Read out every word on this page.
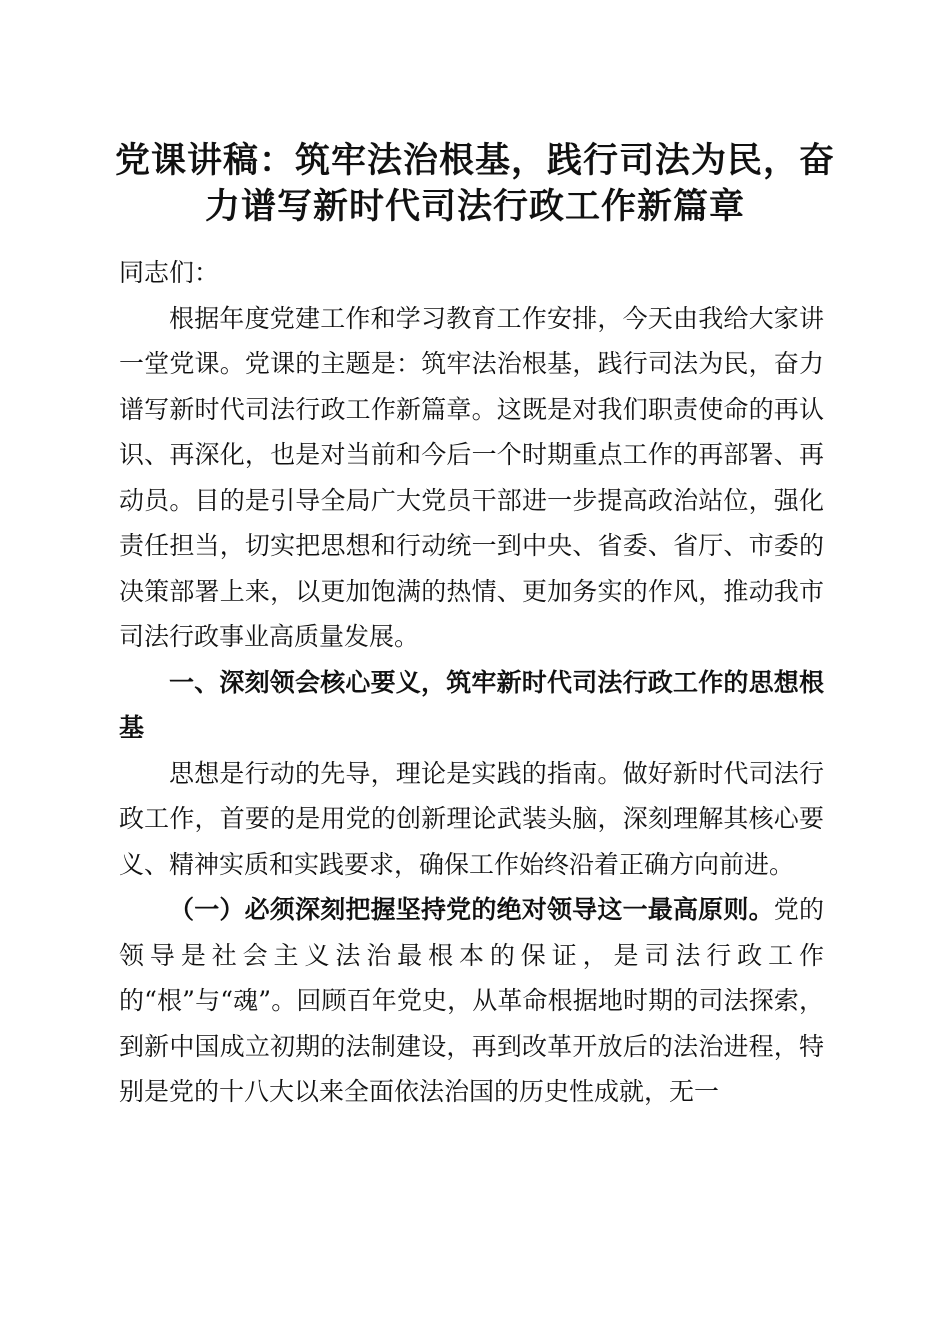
党课讲稿：筑牢法治根基，践行司法为民，奋
力谱写新时代司法行政工作新篇章

同志们：

根据年度党建工作和学习教育工作安排，今天由我给大家讲一堂党课。党课的主题是：筑牢法治根基，践行司法为民，奋力谱写新时代司法行政工作新篇章。这既是对我们职责使命的再认识、再深化，也是对当前和今后一个时期重点工作的再部署、再动员。目的是引导全局广大党员干部进一步提高政治站位，强化责任担当，切实把思想和行动统一到中央、省委、省厅、市委的决策部署上来，以更加饱满的热情、更加务实的作风，推动我市司法行政事业高质量发展。

一、深刻领会核心要义，筑牢新时代司法行政工作的思想根基

思想是行动的先导，理论是实践的指南。做好新时代司法行政工作，首要的是用党的创新理论武装头脑，深刻理解其核心要义、精神实质和实践要求，确保工作始终沿着正确方向前进。

（一）必须深刻把握坚持党的绝对领导这一最高原则。党的领导是社会主义法治最根本的保证，是司法行政工作的“根”与“魂”。回顾百年党史，从革命根据地时期的司法探索，到新中国成立初期的法制建设，再到改革开放后的法治进程，特别是党的十八大以来全面依法治国的历史性成就，无一
